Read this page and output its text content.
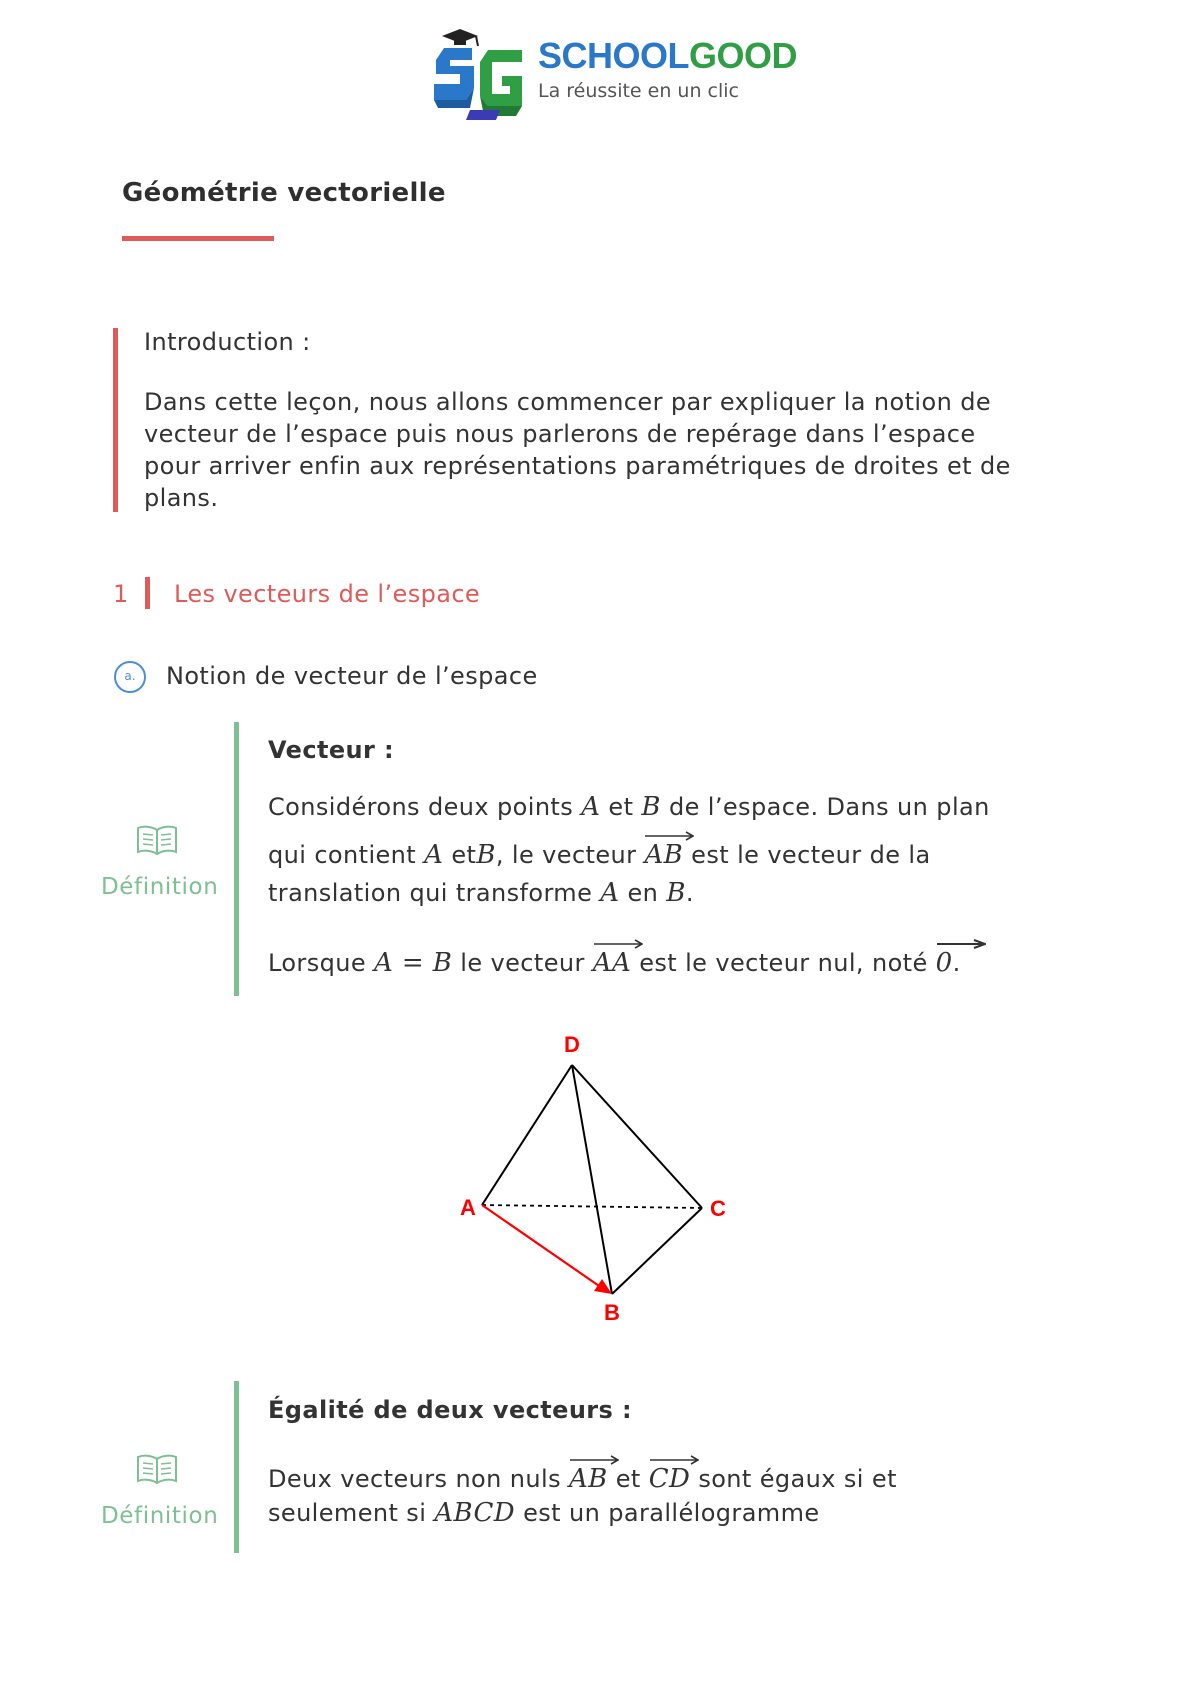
SCHOOLGOOD
La réussite en un clic
Géométrie vectorielle
Introduction :
Dans cette leçon, nous allons commencer par expliquer la notion de
vecteur de l’espace puis nous parlerons de repérage dans l’espace
pour arriver enfin aux représentations paramétriques de droites et de
plans.
1 Les vecteurs de l’espace
a.	Notion de vecteur de l’espace
Définition
Vecteur :
Considérons deux points A et B de l’espace. Dans un plan
qui contient A etB, le vecteur AB est le vecteur de la
translation qui transforme A en B.
Lorsque A = B le vecteur AA est le vecteur nul, noté 0.
D
A	C
B
Définition
Égalité de deux vecteurs :
Deux vecteurs non nuls AB et CD sont égaux si et
seulement si ABCD est un parallélogramme
